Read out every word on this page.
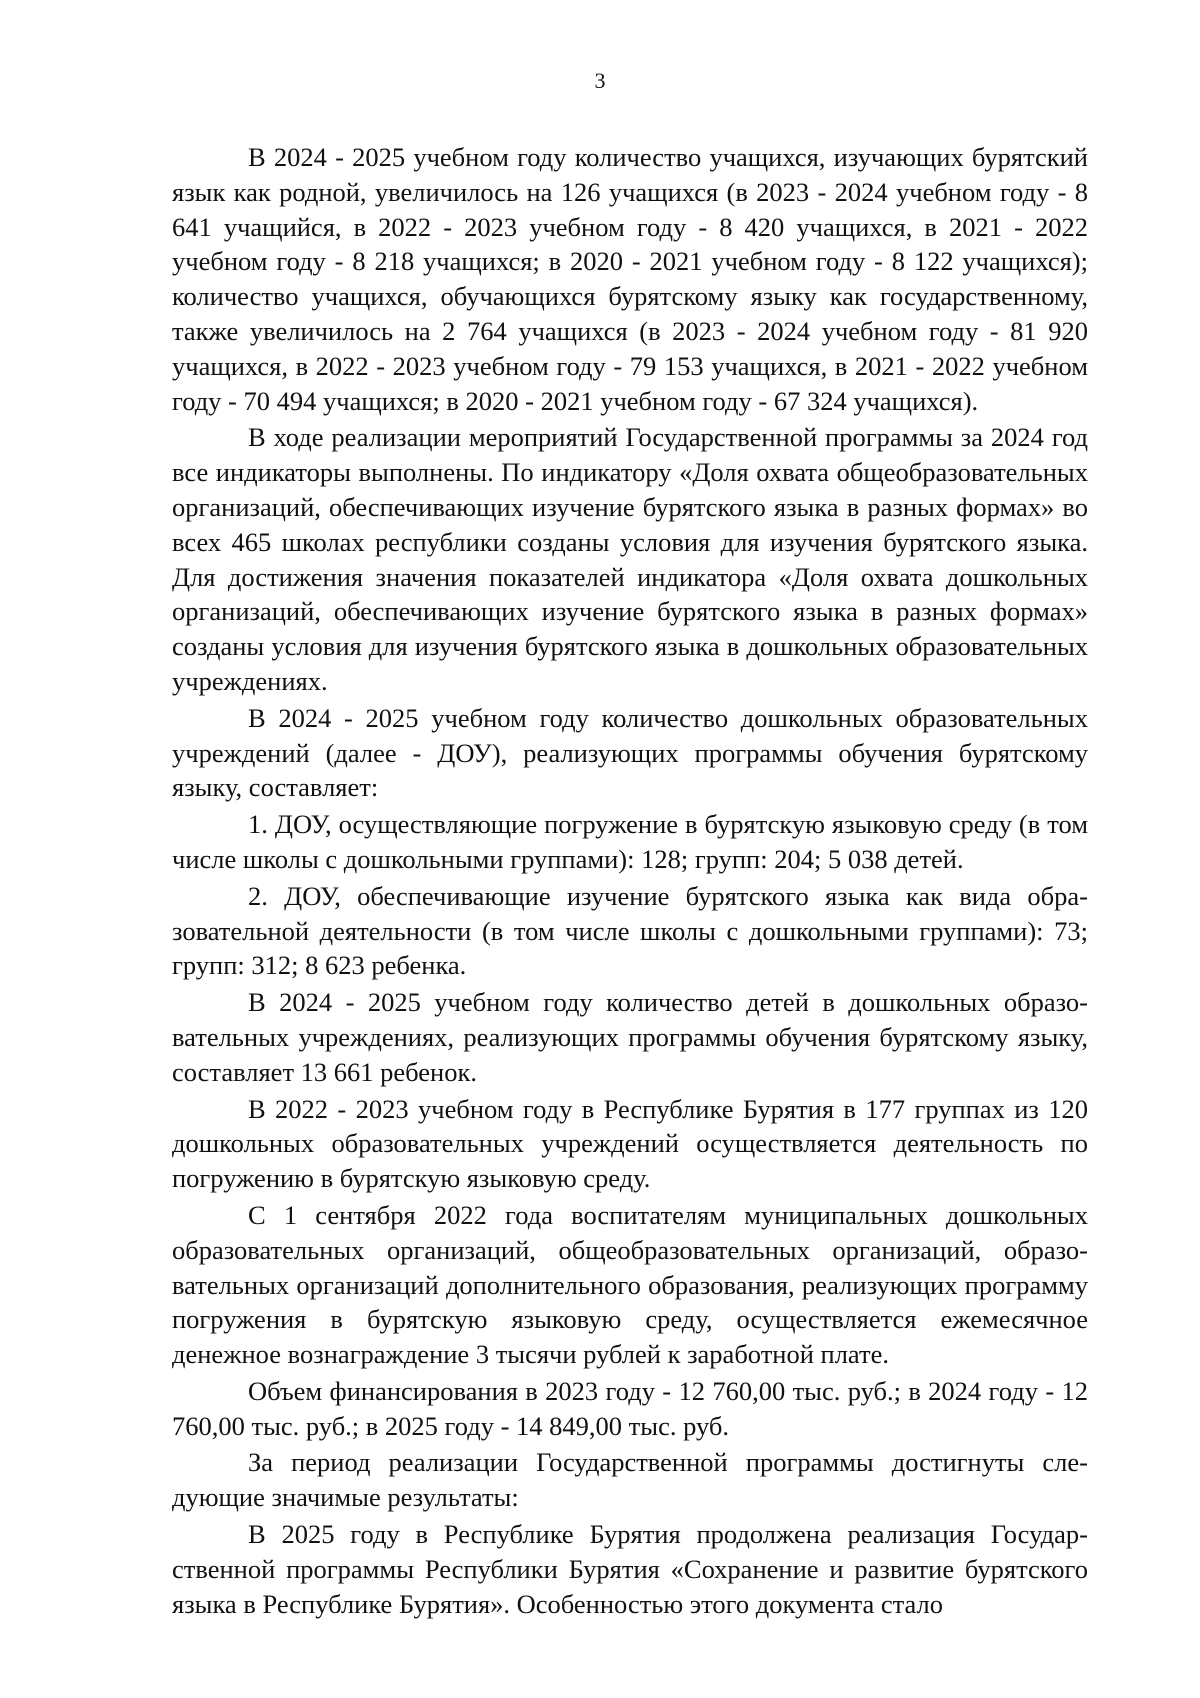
3

В 2024 - 2025 учебном году количество учащихся, изучающих бурятский язык как родной, увеличилось на 126 учащихся (в 2023 - 2024 учебном году - 8 641 учащийся, в 2022 - 2023 учебном году - 8 420 учащихся, в 2021 - 2022 учебном году - 8 218 учащихся; в 2020 - 2021 учебном году - 8 122 учащихся); количество учащихся, обучающихся бурятскому языку как государственному, также увеличилось на 2 764 учащихся (в 2023 - 2024 учебном году - 81 920 учащихся, в 2022 - 2023 учебном году - 79 153 учащихся, в 2021 - 2022 учебном году - 70 494 учащихся; в 2020 - 2021 учебном году - 67 324 учащихся).

В ходе реализации мероприятий Государственной программы за 2024 год все индикаторы выполнены. По индикатору «Доля охвата общеобразовательных организаций, обеспечивающих изучение бурятского языка в разных формах» во всех 465 школах республики созданы условия для изучения бурятского языка. Для достижения значения показателей индикатора «Доля охвата дошкольных организаций, обеспечивающих изучение бурятского языка в разных формах» созданы условия для изучения бурятского языка в дошкольных образовательных учреждениях.

В 2024 - 2025 учебном году количество дошкольных образовательных учреждений (далее - ДОУ), реализующих программы обучения бурятскому языку, составляет:

1. ДОУ, осуществляющие погружение в бурятскую языковую среду (в том числе школы с дошкольными группами): 128; групп: 204; 5 038 детей.

2. ДОУ, обеспечивающие изучение бурятского языка как вида образовательной деятельности (в том числе школы с дошкольными группами): 73; групп: 312; 8 623 ребенка.

В 2024 - 2025 учебном году количество детей в дошкольных образовательных учреждениях, реализующих программы обучения бурятскому языку, составляет 13 661 ребенок.

В 2022 - 2023 учебном году в Республике Бурятия в 177 группах из 120 дошкольных образовательных учреждений осуществляется деятельность по погружению в бурятскую языковую среду.

С 1 сентября 2022 года воспитателям муниципальных дошкольных образовательных организаций, общеобразовательных организаций, образовательных организаций дополнительного образования, реализующих программу погружения в бурятскую языковую среду, осуществляется ежемесячное денежное вознаграждение 3 тысячи рублей к заработной плате.

Объем финансирования в 2023 году - 12 760,00 тыс. руб.; в 2024 году - 12 760,00 тыс. руб.; в 2025 году - 14 849,00 тыс. руб.

За период реализации Государственной программы достигнуты следующие значимые результаты:

В 2025 году в Республике Бурятия продолжена реализация Государственной программы Республики Бурятия «Сохранение и развитие бурятского языка в Республике Бурятия». Особенностью этого документа стало
